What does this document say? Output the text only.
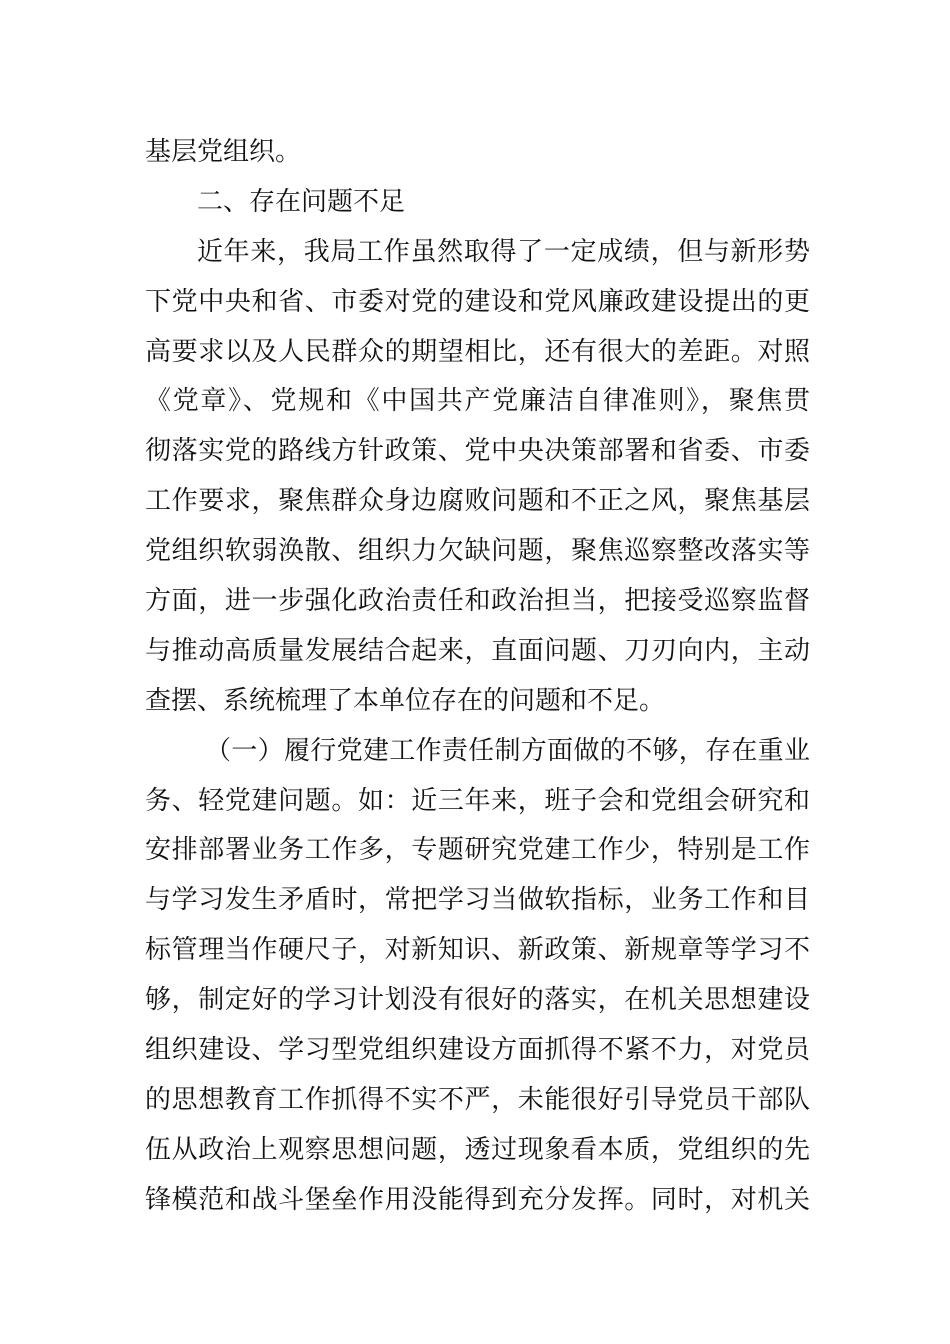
基层党组织。
二、存在问题不足
近年来，我局工作虽然取得了一定成绩，但与新形势
下党中央和省、市委对党的建设和党风廉政建设提出的更
高要求以及人民群众的期望相比，还有很大的差距。对照
《党章》、党规和《中国共产党廉洁自律准则》，聚焦贯
彻落实党的路线方针政策、党中央决策部署和省委、市委
工作要求，聚焦群众身边腐败问题和不正之风，聚焦基层
党组织软弱涣散、组织力欠缺问题，聚焦巡察整改落实等
方面，进一步强化政治责任和政治担当，把接受巡察监督
与推动高质量发展结合起来，直面问题、刀刃向内，主动
查摆、系统梳理了本单位存在的问题和不足。
（一）履行党建工作责任制方面做的不够，存在重业
务、轻党建问题。如：近三年来，班子会和党组会研究和
安排部署业务工作多，专题研究党建工作少，特别是工作
与学习发生矛盾时，常把学习当做软指标，业务工作和目
标管理当作硬尺子，对新知识、新政策、新规章等学习不
够，制定好的学习计划没有很好的落实，在机关思想建设
组织建设、学习型党组织建设方面抓得不紧不力，对党员
的思想教育工作抓得不实不严，未能很好引导党员干部队
伍从政治上观察思想问题，透过现象看本质，党组织的先
锋模范和战斗堡垒作用没能得到充分发挥。同时，对机关
